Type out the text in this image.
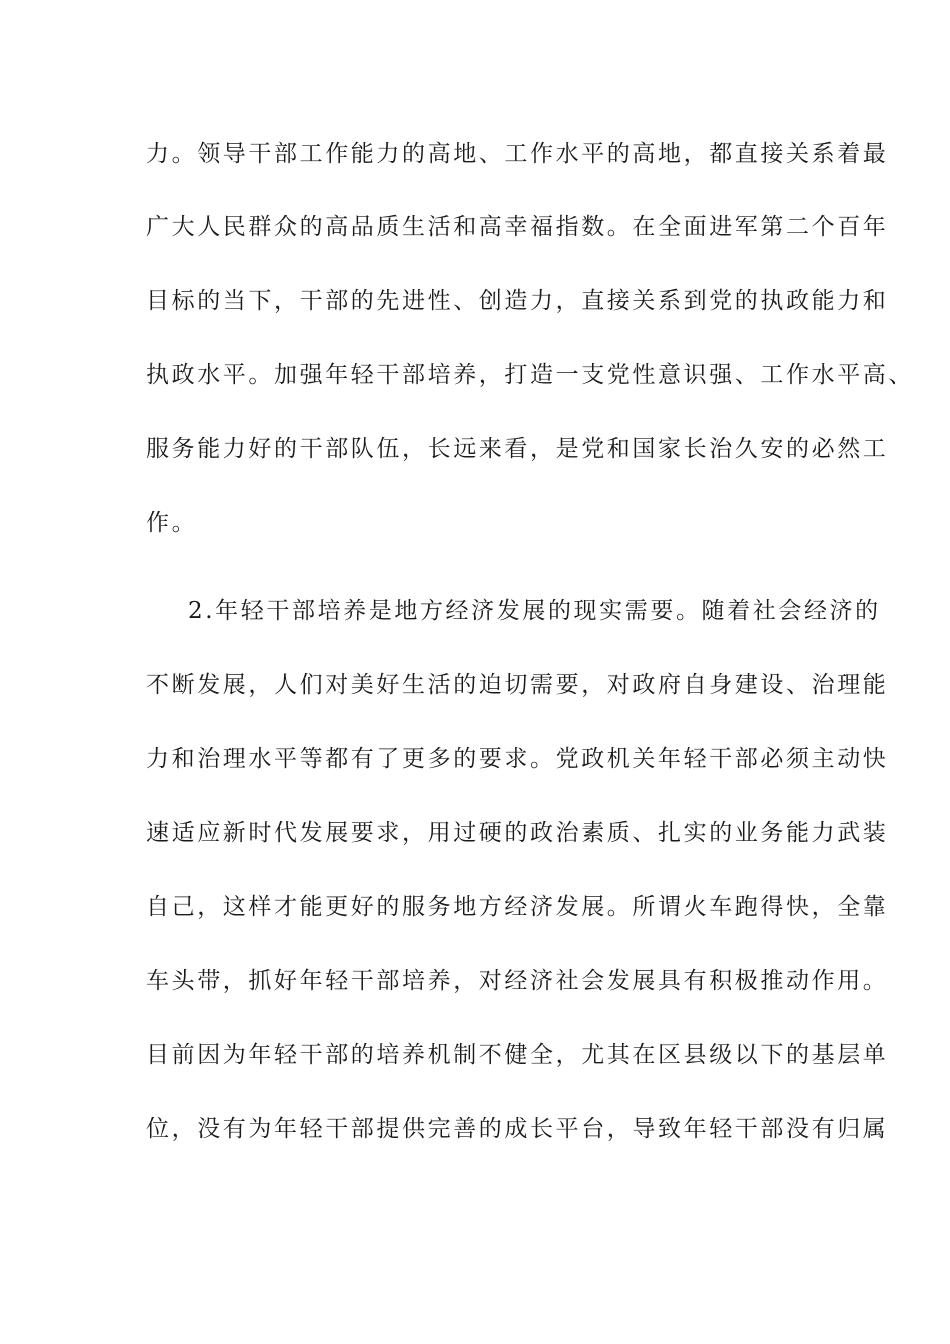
力。领导干部工作能力的高地、工作水平的高地，都直接关系着最
广大人民群众的高品质生活和高幸福指数。在全面进军第二个百年
目标的当下，干部的先进性、创造力，直接关系到党的执政能力和
执政水平。加强年轻干部培养，打造一支党性意识强、工作水平高、
服务能力好的干部队伍，长远来看，是党和国家长治久安的必然工
作。
2.年轻干部培养是地方经济发展的现实需要。随着社会经济的
不断发展，人们对美好生活的迫切需要，对政府自身建设、治理能
力和治理水平等都有了更多的要求。党政机关年轻干部必须主动快
速适应新时代发展要求，用过硬的政治素质、扎实的业务能力武装
自己，这样才能更好的服务地方经济发展。所谓火车跑得快，全靠
车头带，抓好年轻干部培养，对经济社会发展具有积极推动作用。
目前因为年轻干部的培养机制不健全，尤其在区县级以下的基层单
位，没有为年轻干部提供完善的成长平台，导致年轻干部没有归属
